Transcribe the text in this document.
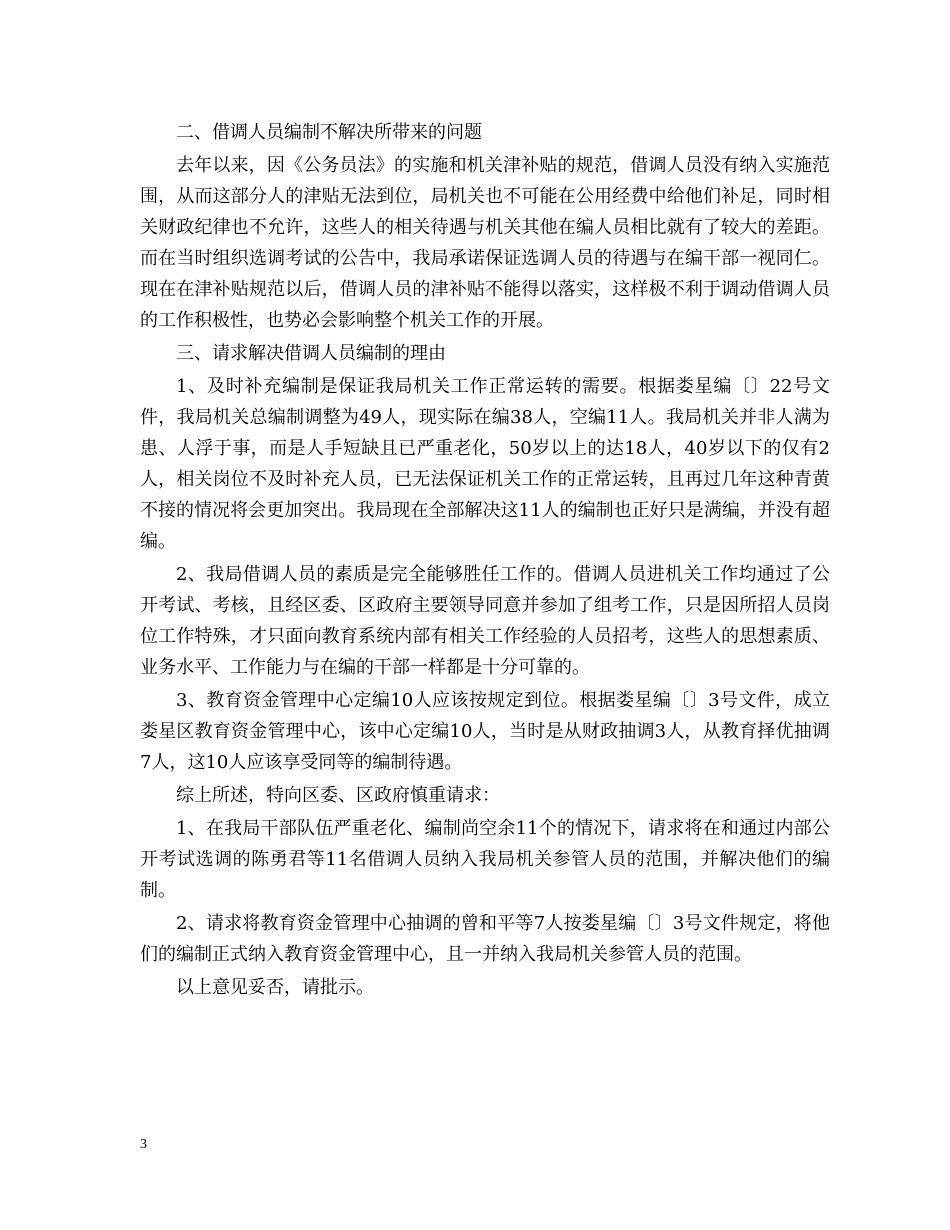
二、借调人员编制不解决所带来的问题

去年以来，因《公务员法》的实施和机关津补贴的规范，借调人员没有纳入实施范围，从而这部分人的津贴无法到位，局机关也不可能在公用经费中给他们补足，同时相关财政纪律也不允许，这些人的相关待遇与机关其他在编人员相比就有了较大的差距。而在当时组织选调考试的公告中，我局承诺保证选调人员的待遇与在编干部一视同仁。现在在津补贴规范以后，借调人员的津补贴不能得以落实，这样极不利于调动借调人员的工作积极性，也势必会影响整个机关工作的开展。

三、请求解决借调人员编制的理由

1、及时补充编制是保证我局机关工作正常运转的需要。根据娄星编〔〕22号文件，我局机关总编制调整为49人，现实际在编38人，空编11人。我局机关并非人满为患、人浮于事，而是人手短缺且已严重老化，50岁以上的达18人，40岁以下的仅有2人，相关岗位不及时补充人员，已无法保证机关工作的正常运转，且再过几年这种青黄不接的情况将会更加突出。我局现在全部解决这11人的编制也正好只是满编，并没有超编。

2、我局借调人员的素质是完全能够胜任工作的。借调人员进机关工作均通过了公开考试、考核，且经区委、区政府主要领导同意并参加了组考工作，只是因所招人员岗位工作特殊，才只面向教育系统内部有相关工作经验的人员招考，这些人的思想素质、业务水平、工作能力与在编的干部一样都是十分可靠的。

3、教育资金管理中心定编10人应该按规定到位。根据娄星编〔〕3号文件，成立娄星区教育资金管理中心，该中心定编10人，当时是从财政抽调3人，从教育择优抽调7人，这10人应该享受同等的编制待遇。

综上所述，特向区委、区政府慎重请求：

1、在我局干部队伍严重老化、编制尚空余11个的情况下，请求将在和通过内部公开考试选调的陈勇君等11名借调人员纳入我局机关参管人员的范围，并解决他们的编制。

2、请求将教育资金管理中心抽调的曾和平等7人按娄星编〔〕3号文件规定，将他们的编制正式纳入教育资金管理中心，且一并纳入我局机关参管人员的范围。

以上意见妥否，请批示。

3
